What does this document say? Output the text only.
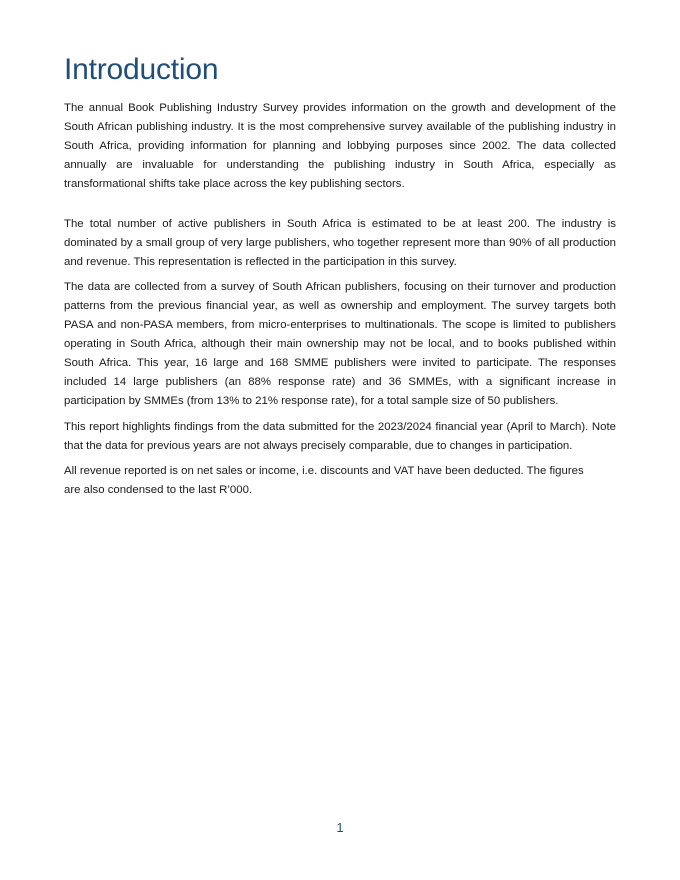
Introduction

The annual Book Publishing Industry Survey provides information on the growth and development of the South African publishing industry. It is the most comprehensive survey available of the publishing industry in South Africa, providing information for planning and lobbying purposes since 2002. The data collected annually are invaluable for understanding the publishing industry in South Africa, especially as transformational shifts take place across the key publishing sectors.

The total number of active publishers in South Africa is estimated to be at least 200. The industry is dominated by a small group of very large publishers, who together represent more than 90% of all production and revenue. This representation is reflected in the participation in this survey.

The data are collected from a survey of South African publishers, focusing on their turnover and production patterns from the previous financial year, as well as ownership and employment. The survey targets both PASA and non-PASA members, from micro-enterprises to multinationals. The scope is limited to publishers operating in South Africa, although their main ownership may not be local, and to books published within South Africa. This year, 16 large and 168 SMME publishers were invited to participate. The responses included 14 large publishers (an 88% response rate) and 36 SMMEs, with a significant increase in participation by SMMEs (from 13% to 21% response rate), for a total sample size of 50 publishers.

This report highlights findings from the data submitted for the 2023/2024 financial year (April to March). Note that the data for previous years are not always precisely comparable, due to changes in participation.

All revenue reported is on net sales or income, i.e. discounts and VAT have been deducted. The figures are also condensed to the last R’000.

1
